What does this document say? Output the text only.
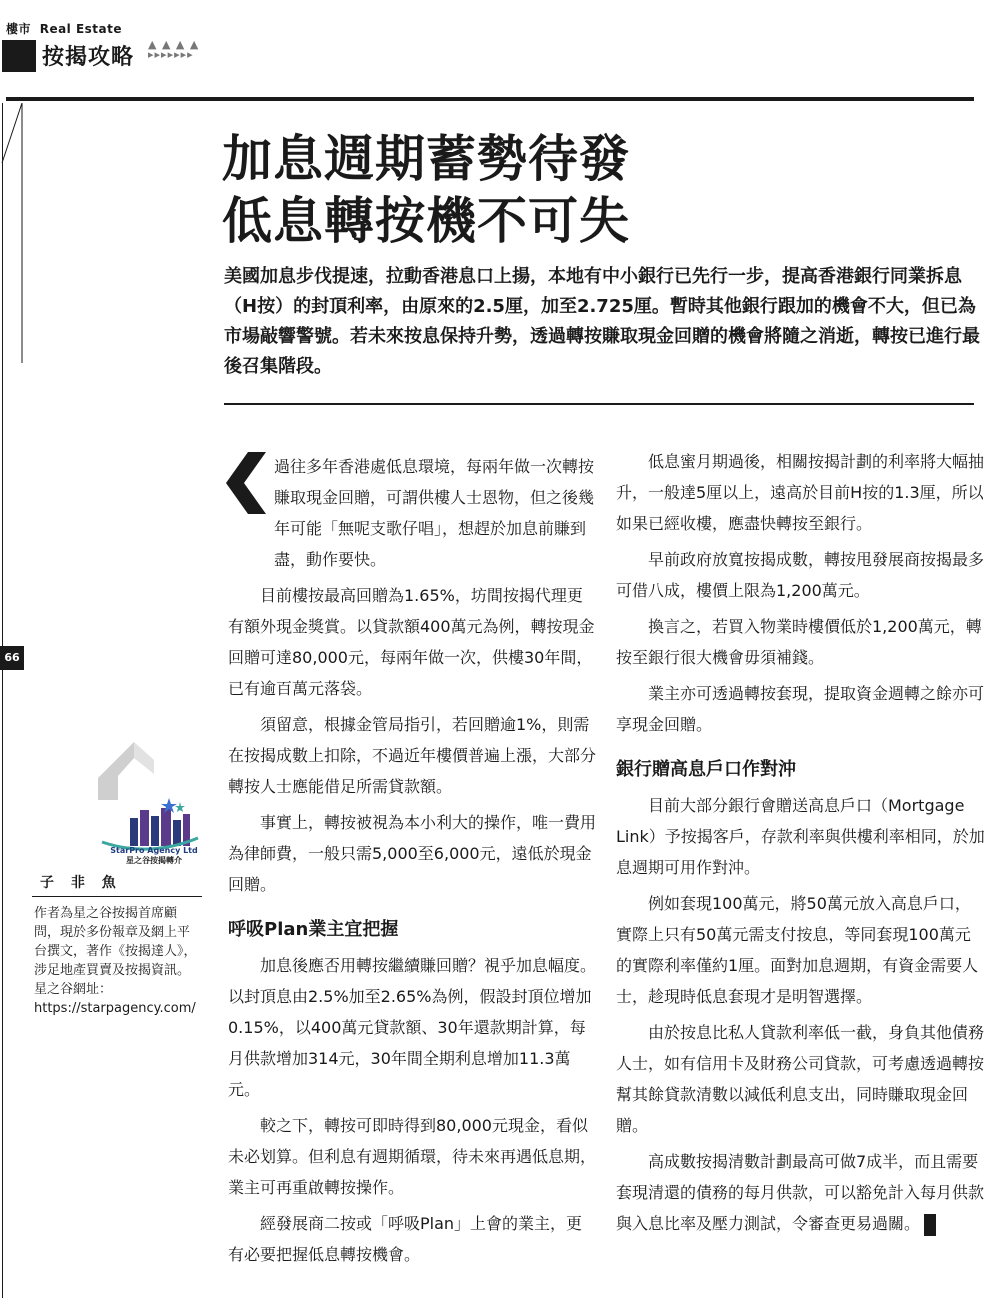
樓市 Real Estate
按揭攻略
▲ ▲ ▲ ▲
▸▸▸▸▸▸▸
66
加息週期蓄勢待發
低息轉按機不可失

美國加息步伐提速，拉動香港息口上揚，本地有中小銀行已先行一步，提高香港銀行同業拆息（H按）的封頂利率，由原來的2.5厘，加至2.725厘。暫時其他銀行跟加的機會不大，但已為市場敲響警號。若未來按息保持升勢，透過轉按賺取現金回贈的機會將隨之消逝，轉按已進行最後召集階段。

過往多年香港處低息環境，每兩年做一次轉按賺取現金回贈，可謂供樓人士恩物，但之後幾年可能「無呢支歌仔唱」，想趕於加息前賺到盡，動作要快。

目前樓按最高回贈為1.65%，坊間按揭代理更有額外現金獎賞。以貸款額400萬元為例，轉按現金回贈可達80,000元，每兩年做一次，供樓30年間，已有逾百萬元落袋。

須留意，根據金管局指引，若回贈逾1%，則需在按揭成數上扣除，不過近年樓價普遍上漲，大部分轉按人士應能借足所需貸款額。

事實上，轉按被視為本小利大的操作，唯一費用為律師費，一般只需5,000至6,000元，遠低於現金回贈。

呼吸Plan業主宜把握

加息後應否用轉按繼續賺回贈？視乎加息幅度。以封頂息由2.5%加至2.65%為例，假設封頂位增加0.15%，以400萬元貸款額、30年還款期計算，每月供款增加314元，30年間全期利息增加11.3萬元。

較之下，轉按可即時得到80,000元現金，看似未必划算。但利息有週期循環，待未來再遇低息期，業主可再重啟轉按操作。

經發展商二按或「呼吸Plan」上會的業主，更有必要把握低息轉按機會。

低息蜜月期過後，相關按揭計劃的利率將大幅抽升，一般達5厘以上，遠高於目前H按的1.3厘，所以如果已經收樓，應盡快轉按至銀行。

早前政府放寬按揭成數，轉按甩發展商按揭最多可借八成，樓價上限為1,200萬元。

換言之，若買入物業時樓價低於1,200萬元，轉按至銀行很大機會毋須補錢。

業主亦可透過轉按套現，提取資金週轉之餘亦可享現金回贈。

銀行贈高息戶口作對沖

目前大部分銀行會贈送高息戶口（Mortgage Link）予按揭客戶，存款利率與供樓利率相同，於加息週期可用作對沖。

例如套現100萬元，將50萬元放入高息戶口，實際上只有50萬元需支付按息，等同套現100萬元的實際利率僅約1厘。面對加息週期，有資金需要人士，趁現時低息套現才是明智選擇。

由於按息比私人貸款利率低一截，身負其他債務人士，如有信用卡及財務公司貸款，可考慮透過轉按幫其餘貸款清數以減低利息支出，同時賺取現金回贈。

高成數按揭清數計劃最高可做7成半，而且需要套現清還的債務的每月供款，可以豁免計入每月供款與入息比率及壓力測試，令審查更易過關。

StarPro Agency Ltd
星之谷按揭轉介
子 非 魚
作者為星之谷按揭首席顧問，現於多份報章及網上平台撰文，著作《按揭達人》，涉足地產買賣及按揭資訊。
星之谷網址：
https://starpagency.com/
